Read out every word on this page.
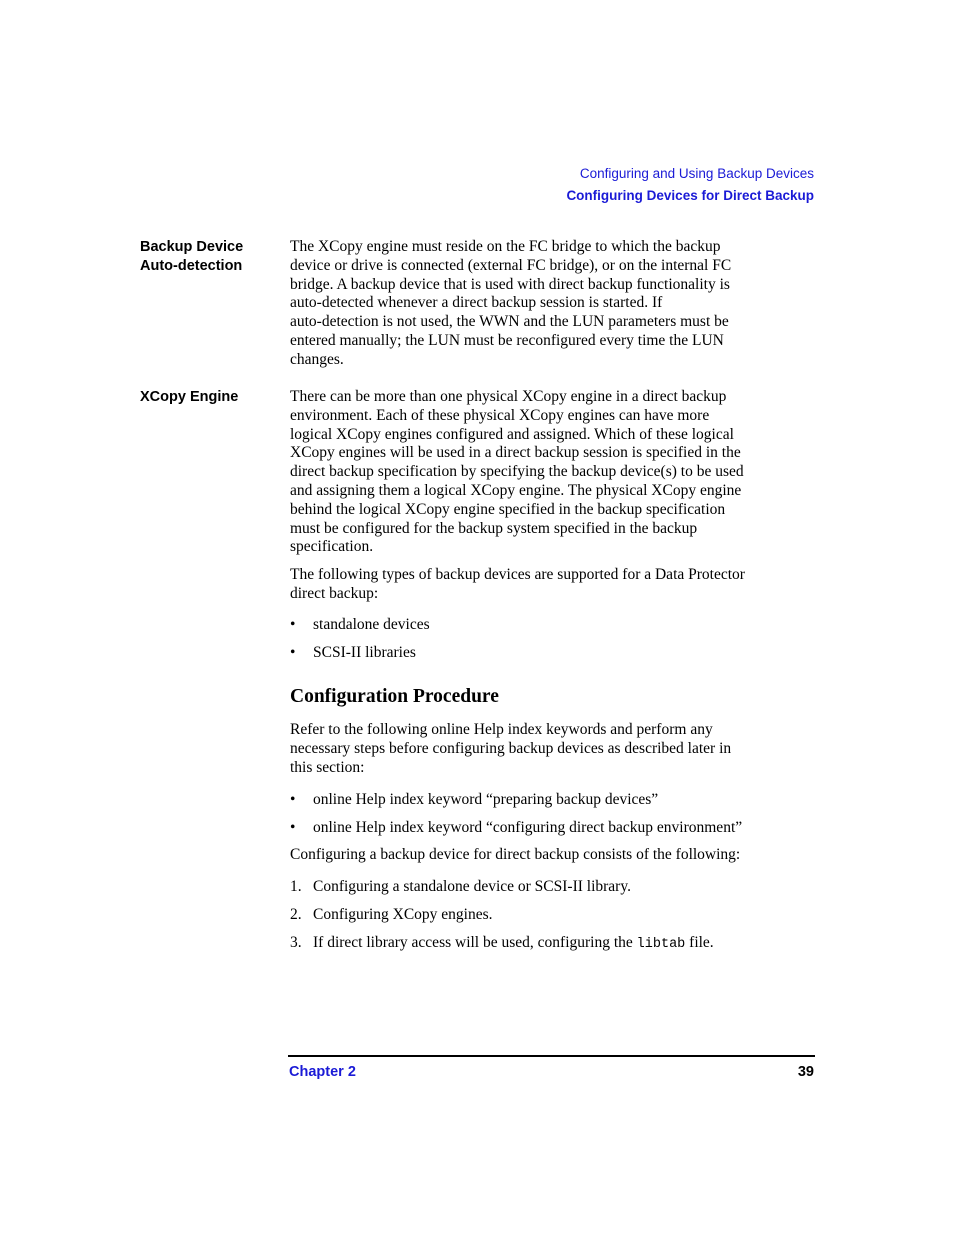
Configuring and Using Backup Devices
Configuring Devices for Direct Backup
Backup Device
Auto-detection
The XCopy engine must reside on the FC bridge to which the backup
device or drive is connected (external FC bridge), or on the internal FC
bridge. A backup device that is used with direct backup functionality is
auto-detected whenever a direct backup session is started. If
auto-detection is not used, the WWN and the LUN parameters must be
entered manually; the LUN must be reconfigured every time the LUN
changes.
XCopy Engine	There can be more than one physical XCopy engine in a direct backup
environment. Each of these physical XCopy engines can have more
logical XCopy engines configured and assigned. Which of these logical
XCopy engines will be used in a direct backup session is specified in the
direct backup specification by specifying the backup device(s) to be used
and assigning them a logical XCopy engine. The physical XCopy engine
behind the logical XCopy engine specified in the backup specification
must be configured for the backup system specified in the backup
specification.
The following types of backup devices are supported for a Data Protector
direct backup:
• standalone devices
• SCSI-II libraries
Configuration Procedure
Refer to the following online Help index keywords and perform any
necessary steps before configuring backup devices as described later in
this section:
• online Help index keyword “preparing backup devices”
• online Help index keyword “configuring direct backup environment”
Configuring a backup device for direct backup consists of the following:
1. Configuring a standalone device or SCSI-II library.
2. Configuring XCopy engines.
3. If direct library access will be used, configuring the libtab file.
Chapter 2	39
